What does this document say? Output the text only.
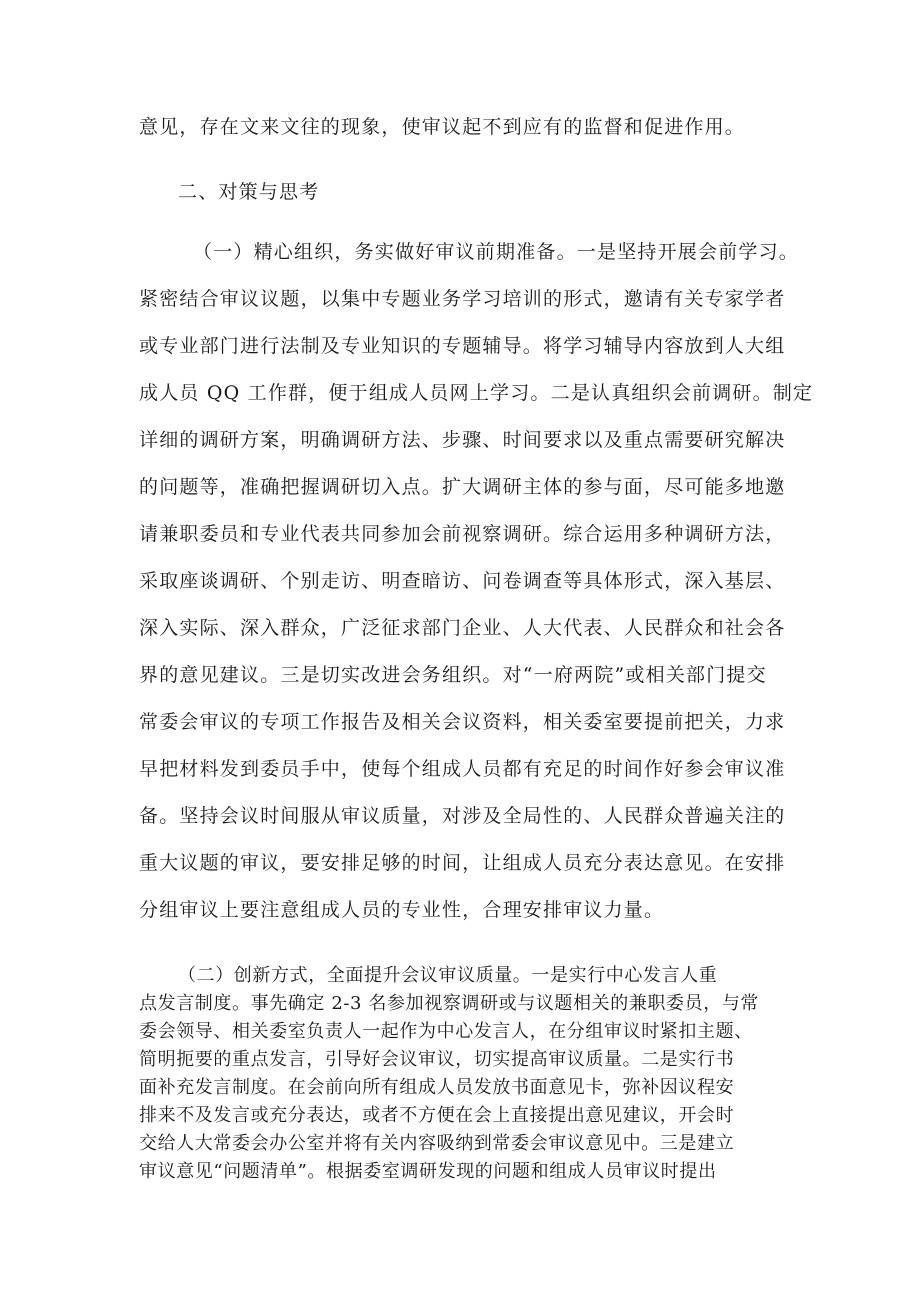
意见，存在文来文往的现象，使审议起不到应有的监督和促进作用。
二、对策与思考
（一）精心组织，务实做好审议前期准备。一是坚持开展会前学习。
紧密结合审议议题，以集中专题业务学习培训的形式，邀请有关专家学者
或专业部门进行法制及专业知识的专题辅导。将学习辅导内容放到人大组
成人员 QQ 工作群，便于组成人员网上学习。二是认真组织会前调研。制定
详细的调研方案，明确调研方法、步骤、时间要求以及重点需要研究解决
的问题等，准确把握调研切入点。扩大调研主体的参与面，尽可能多地邀
请兼职委员和专业代表共同参加会前视察调研。综合运用多种调研方法，
采取座谈调研、个别走访、明查暗访、问卷调查等具体形式，深入基层、
深入实际、深入群众，广泛征求部门企业、人大代表、人民群众和社会各
界的意见建议。三是切实改进会务组织。对“一府两院”或相关部门提交
常委会审议的专项工作报告及相关会议资料，相关委室要提前把关，力求
早把材料发到委员手中，使每个组成人员都有充足的时间作好参会审议准
备。坚持会议时间服从审议质量，对涉及全局性的、人民群众普遍关注的
重大议题的审议，要安排足够的时间，让组成人员充分表达意见。在安排
分组审议上要注意组成人员的专业性，合理安排审议力量。
（二）创新方式，全面提升会议审议质量。一是实行中心发言人重
点发言制度。事先确定 2-3 名参加视察调研或与议题相关的兼职委员，与常
委会领导、相关委室负责人一起作为中心发言人，在分组审议时紧扣主题、
简明扼要的重点发言，引导好会议审议，切实提高审议质量。二是实行书
面补充发言制度。在会前向所有组成人员发放书面意见卡，弥补因议程安
排来不及发言或充分表达，或者不方便在会上直接提出意见建议，开会时
交给人大常委会办公室并将有关内容吸纳到常委会审议意见中。三是建立
审议意见“问题清单”。根据委室调研发现的问题和组成人员审议时提出
